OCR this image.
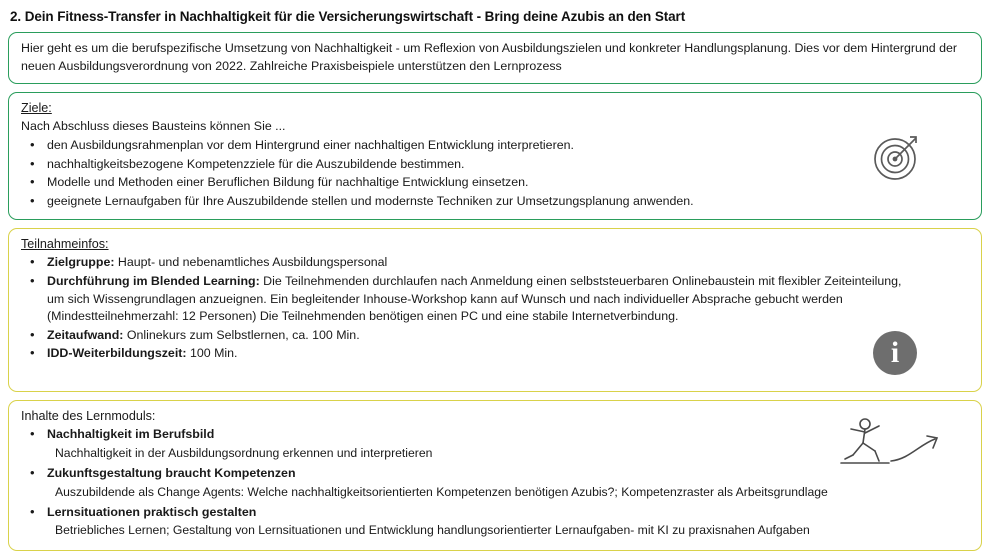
2. Dein Fitness-Transfer in Nachhaltigkeit für die Versicherungswirtschaft - Bring deine Azubis an den Start
Hier geht es um die berufspezifische Umsetzung von Nachhaltigkeit - um Reflexion von Ausbildungszielen und konkreter Handlungsplanung. Dies vor dem Hintergrund der neuen Ausbildungsverordnung von 2022. Zahlreiche Praxisbeispiele unterstützen den Lernprozess
Ziele:
Nach Abschluss dieses Bausteins können Sie ...
• den Ausbildungsrahmenplan vor dem Hintergrund einer nachhaltigen Entwicklung interpretieren.
• nachhaltigkeitsbezogene Kompetenzziele für die Auszubildende bestimmen.
• Modelle und Methoden einer Beruflichen Bildung für nachhaltige Entwicklung einsetzen.
• geeignete Lernaufgaben für Ihre Auszubildende stellen und modernste Techniken zur Umsetzungsplanung anwenden.
Teilnahmeinfos:
• Zielgruppe: Haupt- und nebenamtliches Ausbildungspersonal
• Durchführung im Blended Learning: Die Teilnehmenden durchlaufen nach Anmeldung einen selbststeuerbaren Onlinebaustein mit flexibler Zeiteinteilung, um sich Wissengrundlagen anzueignen. Ein begleitender Inhouse-Workshop kann auf Wunsch und nach individueller Absprache gebucht werden (Mindestteilnehmerzahl: 12 Personen) Die Teilnehmenden benötigen einen PC und eine stabile Internetverbindung.
• Zeitaufwand: Onlinekurs zum Selbstlernen, ca. 100 Min.
• IDD-Weiterbildungszeit: 100 Min.	i
Inhalte des Lernmoduls:
• Nachhaltigkeit im Berufsbild
Nachhaltigkeit in der Ausbildungsordnung erkennen und interpretieren
• Zukunftsgestaltung braucht Kompetenzen
Auszubildende als Change Agents: Welche nachhaltigkeitsorientierten Kompetenzen benötigen Azubis?; Kompetenzraster als Arbeitsgrundlage
• Lernsituationen praktisch gestalten
Betriebliches Lernen; Gestaltung von Lernsituationen und Entwicklung handlungsorientierter Lernaufgaben- mit KI zu praxisnahen Aufgaben
